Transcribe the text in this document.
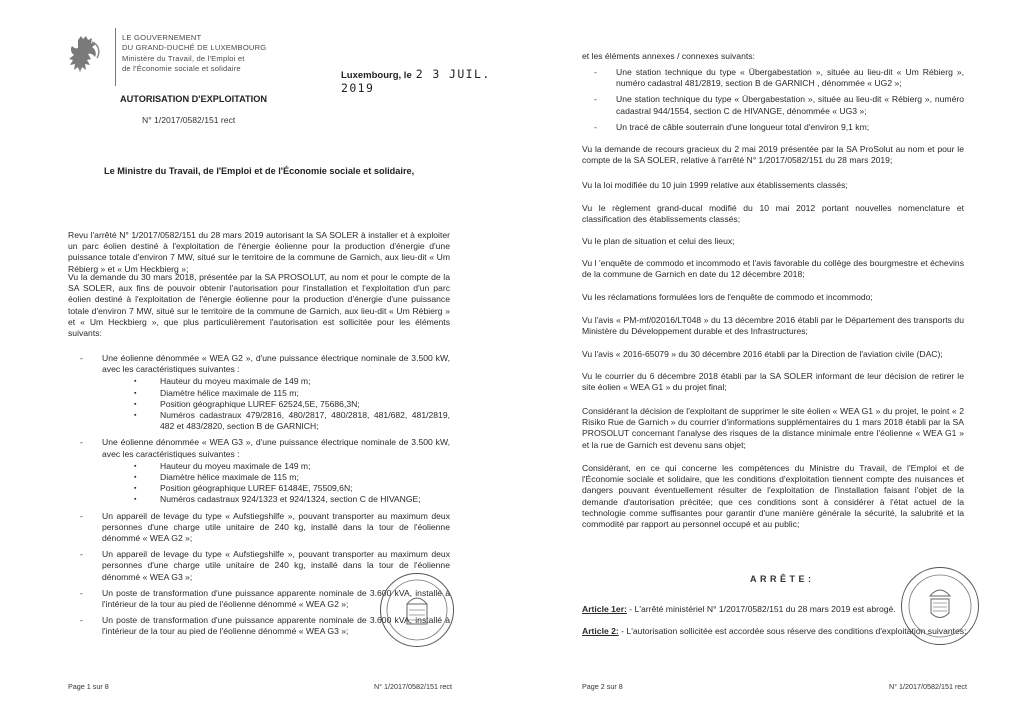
LE GOUVERNEMENT
DU GRAND-DUCHÉ DE LUXEMBOURG
Ministère du Travail, de l'Emploi et
de l'Économie sociale et solidaire
Luxembourg, le 2 3 JUIL. 2019
AUTORISATION D'EXPLOITATION
N° 1/2017/0582/151 rect
Le Ministre du Travail, de l'Emploi et de l'Économie sociale et solidaire,

Revu l'arrêté N° 1/2017/0582/151 du 28 mars 2019 autorisant la SA SOLER à installer et à exploiter un parc éolien destiné à l'exploitation de l'énergie éolienne pour la production d'énergie d'une puissance totale d'environ 7 MW, situé sur le territoire de la commune de Garnich, aux lieu-dit « Um Rébierg » et « Um Heckbierg »;

Vu la demande du 30 mars 2018, présentée par la SA PROSOLUT, au nom et pour le compte de la SA SOLER, aux fins de pouvoir obtenir l'autorisation pour l'installation et l'exploitation d'un parc éolien destiné à l'exploitation de l'énergie éolienne pour la production d'énergie d'une puissance totale d'environ 7 MW, situé sur le territoire de la commune de Garnich, aux lieu-dit « Um Rébierg » et « Um Heckbierg », que plus particulièrement l'autorisation est sollicitée pour les éléments suivants:

- Une éolienne dénommée « WEA G2 », d'une puissance électrique nominale de 3.500 kW, avec les caractéristiques suivantes :
▪ Hauteur du moyeu maximale de 149 m;
▪ Diamètre hélice maximale de 115 m;
▪ Position géographique LUREF 62524,5E, 75686,3N;
▪ Numéros cadastraux 479/2816, 480/2817, 480/2818, 481/682, 481/2819, 482 et 483/2820, section B de GARNICH;
- Une éolienne dénommée « WEA G3 », d'une puissance électrique nominale de 3.500 kW, avec les caractéristiques suivantes :
▪ Hauteur du moyeu maximale de 149 m;
▪ Diamètre hélice maximale de 115 m;
▪ Position géographique LUREF 61484E, 75509,6N;
▪ Numéros cadastraux 924/1323 et 924/1324, section C de HIVANGE;
- Un appareil de levage du type « Aufstiegshilfe », pouvant transporter au maximum deux personnes d'une charge utile unitaire de 240 kg, installé dans la tour de l'éolienne dénommé « WEA G2 »;
- Un appareil de levage du type « Aufstiegshilfe », pouvant transporter au maximum deux personnes d'une charge utile unitaire de 240 kg, installé dans la tour de l'éolienne dénommé « WEA G3 »;
- Un poste de transformation d'une puissance apparente nominale de 3.600 kVA, installé à l'intérieur de la tour au pied de l'éolienne dénommé « WEA G2 »;
- Un poste de transformation d'une puissance apparente nominale de 3.600 kVA, installé à l'intérieur de la tour au pied de l'éolienne dénommé « WEA G3 »;
Page 1 sur 8	N° 1/2017/0582/151 rect

et les éléments annexes / connexes suivants:

- Une station technique du type « Übergabestation », située au lieu-dit « Um Rébierg », numéro cadastral 481/2819, section B de GARNICH , dénommée « UG2 »;
- Une station technique du type « Übergabestation », située au lieu-dit « Rébierg », numéro cadastral 944/1554, section C de HIVANGE, dénommée « UG3 »;
- Un tracé de câble souterrain d'une longueur total d'environ 9,1 km;

Vu la demande de recours gracieux du 2 mai 2019 présentée par la SA ProSolut au nom et pour le compte de la SA SOLER, relative à l'arrêté N° 1/2017/0582/151 du 28 mars 2019;

Vu la loi modifiée du 10 juin 1999 relative aux établissements classés;

Vu le règlement grand-ducal modifié du 10 mai 2012 portant nouvelles nomenclature et classification des établissements classés;

Vu le plan de situation et celui des lieux;

Vu l 'enquête de commodo et incommodo et l'avis favorable du collège des bourgmestre et échevins de la commune de Garnich en date du 12 décembre 2018;

Vu les réclamations formulées lors de l'enquête de commodo et incommodo;

Vu l'avis « PM-mf/02016/LT048 » du 13 décembre 2016 établi par le Département des transports du Ministère du Développement durable et des Infrastructures;

Vu l'avis « 2016-65079 » du 30 décembre 2016 établi par la Direction de l'aviation civile (DAC);

Vu le courrier du 6 décembre 2018 établi par la SA SOLER informant de leur décision de retirer le site éolien « WEA G1 » du projet final;

Considérant la décision de l'exploitant de supprimer le site éolien « WEA G1 » du projet, le point « 2 Risiko Rue de Garnich » du courrier d'informations supplémentaires du 1 mars 2018 établi par la SA PROSOLUT concernant l'analyse des risques de la distance minimale entre l'éolienne « WEA G1 » et la rue de Garnich est devenu sans objet;

Considérant, en ce qui concerne les compétences du Ministre du Travail, de l'Emploi et de l'Économie sociale et solidaire, que les conditions d'exploitation tiennent compte des nuisances et dangers pouvant éventuellement résulter de l'exploitation de l'installation faisant l'objet de la demande d'autorisation précitée; que ces conditions sont à considérer à l'état actuel de la technologie comme suffisantes pour garantir d'une manière générale la sécurité, la salubrité et la commodité par rapport au personnel occupé et au public;

ARRÊTE:

Article 1er: - L'arrêté ministériel N° 1/2017/0582/151 du 28 mars 2019 est abrogé.

Article 2: - L'autorisation sollicitée est accordée sous réserve des conditions d'exploitation suivantes:

Page 2 sur 8	N° 1/2017/0582/151 rect
